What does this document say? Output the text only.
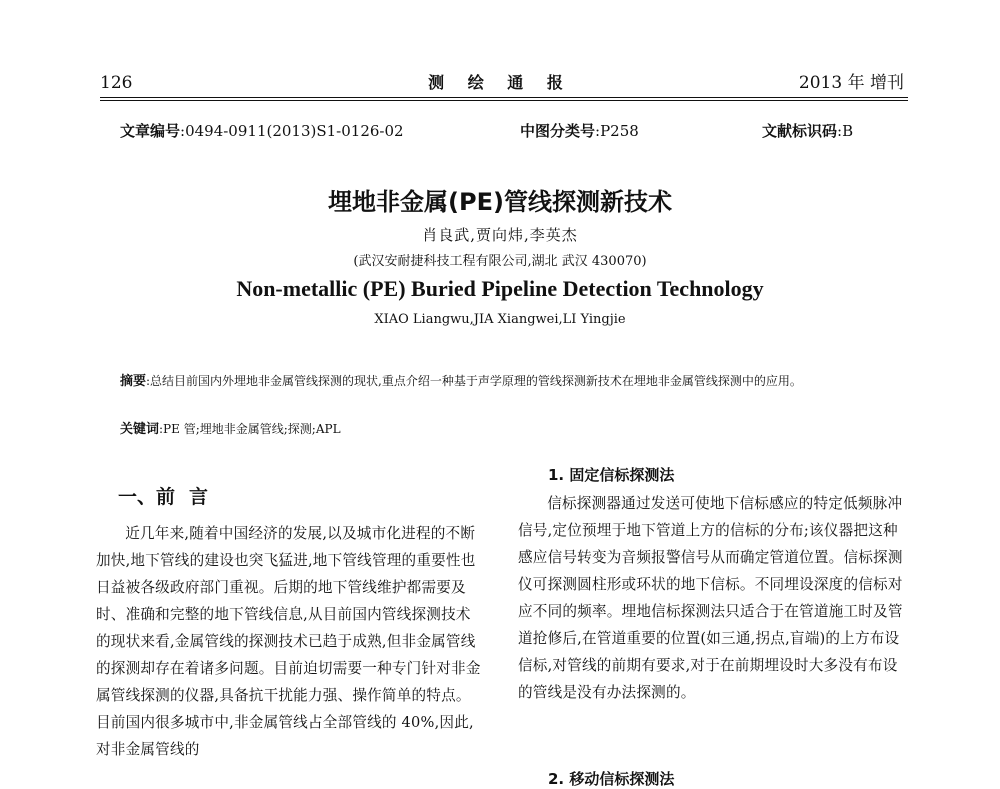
126	测 绘 通 报	2013 年 增刊
文章编号:0494-0911(2013)S1-0126-02	中图分类号:P258	文献标识码:B
埋地非金属(PE)管线探测新技术
肖良武,贾向炜,李英杰
(武汉安耐捷科技工程有限公司,湖北 武汉 430070)
Non-metallic (PE) Buried Pipeline Detection Technology
XIAO Liangwu,JIA Xiangwei,LI Yingjie
摘要:总结目前国内外埋地非金属管线探测的现状,重点介绍一种基于声学原理的管线探测新技术在埋地非金属管线探测中的应用。
关键词:PE 管;埋地非金属管线;探测;APL
一、前言

近几年来,随着中国经济的发展,以及城市化进程的不断加快,地下管线的建设也突飞猛进,地下管线管理的重要性也日益被各级政府部门重视。后期的地下管线维护都需要及时、准确和完整的地下管线信息,从目前国内管线探测技术的现状来看,金属管线的探测技术已趋于成熟,但非金属管线的探测却存在着诸多问题。目前迫切需要一种专门针对非金属管线探测的仪器,具备抗干扰能力强、操作简单的特点。目前国内很多城市中,非金属管线占全部管线的 40%,因此,对非金属管线的

1. 固定信标探测法

信标探测器通过发送可使地下信标感应的特定低频脉冲信号,定位预埋于地下管道上方的信标的分布;该仪器把这种感应信号转变为音频报警信号从而确定管道位置。信标探测仪可探测圆柱形或环状的地下信标。不同埋设深度的信标对应不同的频率。埋地信标探测法只适合于在管道施工时及管道抢修后,在管道重要的位置(如三通,拐点,盲端)的上方布设信标,对管线的前期有要求,对于在前期埋设时大多没有布设的管线是没有办法探测的。

2. 移动信标探测法
